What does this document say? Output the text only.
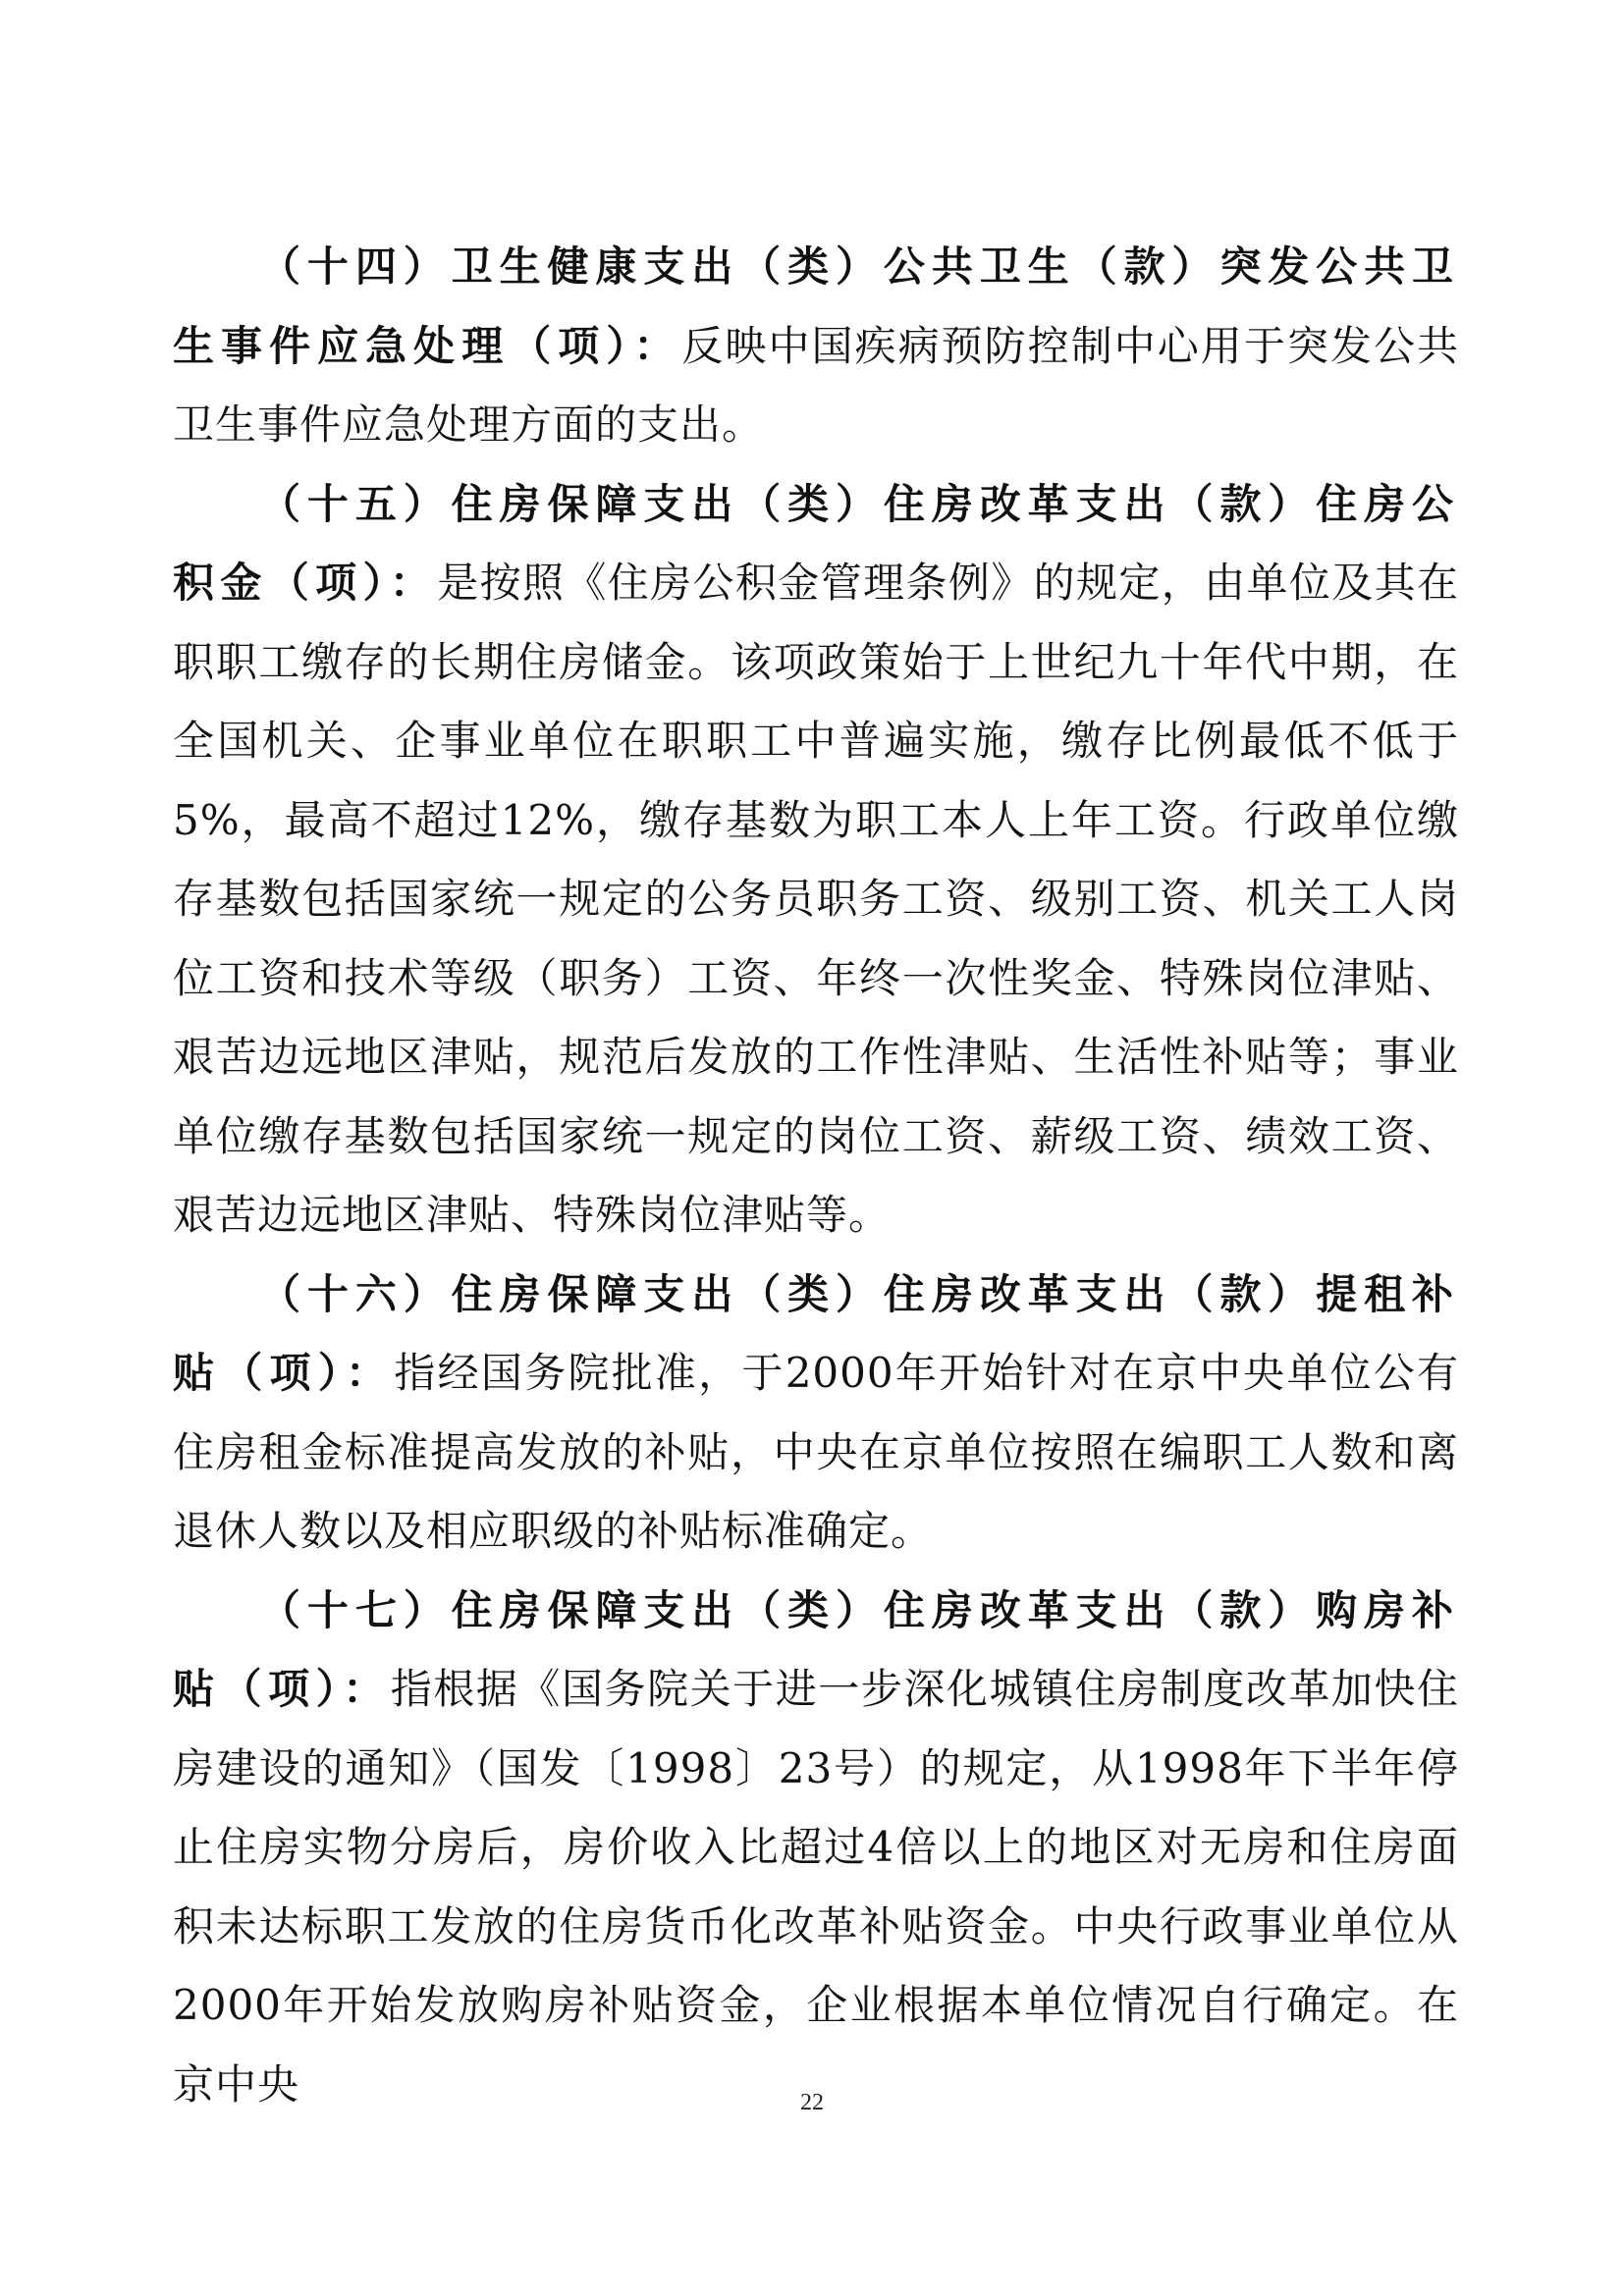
（十四）卫生健康支出（类）公共卫生（款）突发公共卫生事件应急处理（项）：反映中国疾病预防控制中心用于突发公共卫生事件应急处理方面的支出。

（十五）住房保障支出（类）住房改革支出（款）住房公积金（项）：是按照《住房公积金管理条例》的规定，由单位及其在职职工缴存的长期住房储金。该项政策始于上世纪九十年代中期，在全国机关、企事业单位在职职工中普遍实施，缴存比例最低不低于5%，最高不超过12%，缴存基数为职工本人上年工资。行政单位缴存基数包括国家统一规定的公务员职务工资、级别工资、机关工人岗位工资和技术等级（职务）工资、年终一次性奖金、特殊岗位津贴、艰苦边远地区津贴，规范后发放的工作性津贴、生活性补贴等；事业单位缴存基数包括国家统一规定的岗位工资、薪级工资、绩效工资、艰苦边远地区津贴、特殊岗位津贴等。

（十六）住房保障支出（类）住房改革支出（款）提租补贴（项）：指经国务院批准，于2000年开始针对在京中央单位公有住房租金标准提高发放的补贴，中央在京单位按照在编职工人数和离退休人数以及相应职级的补贴标准确定。

（十七）住房保障支出（类）住房改革支出（款）购房补贴（项）：指根据《国务院关于进一步深化城镇住房制度改革加快住房建设的通知》（国发〔1998〕23号）的规定，从1998年下半年停止住房实物分房后，房价收入比超过4倍以上的地区对无房和住房面积未达标职工发放的住房货币化改革补贴资金。中央行政事业单位从2000年开始发放购房补贴资金，企业根据本单位情况自行确定。在京中央	22
